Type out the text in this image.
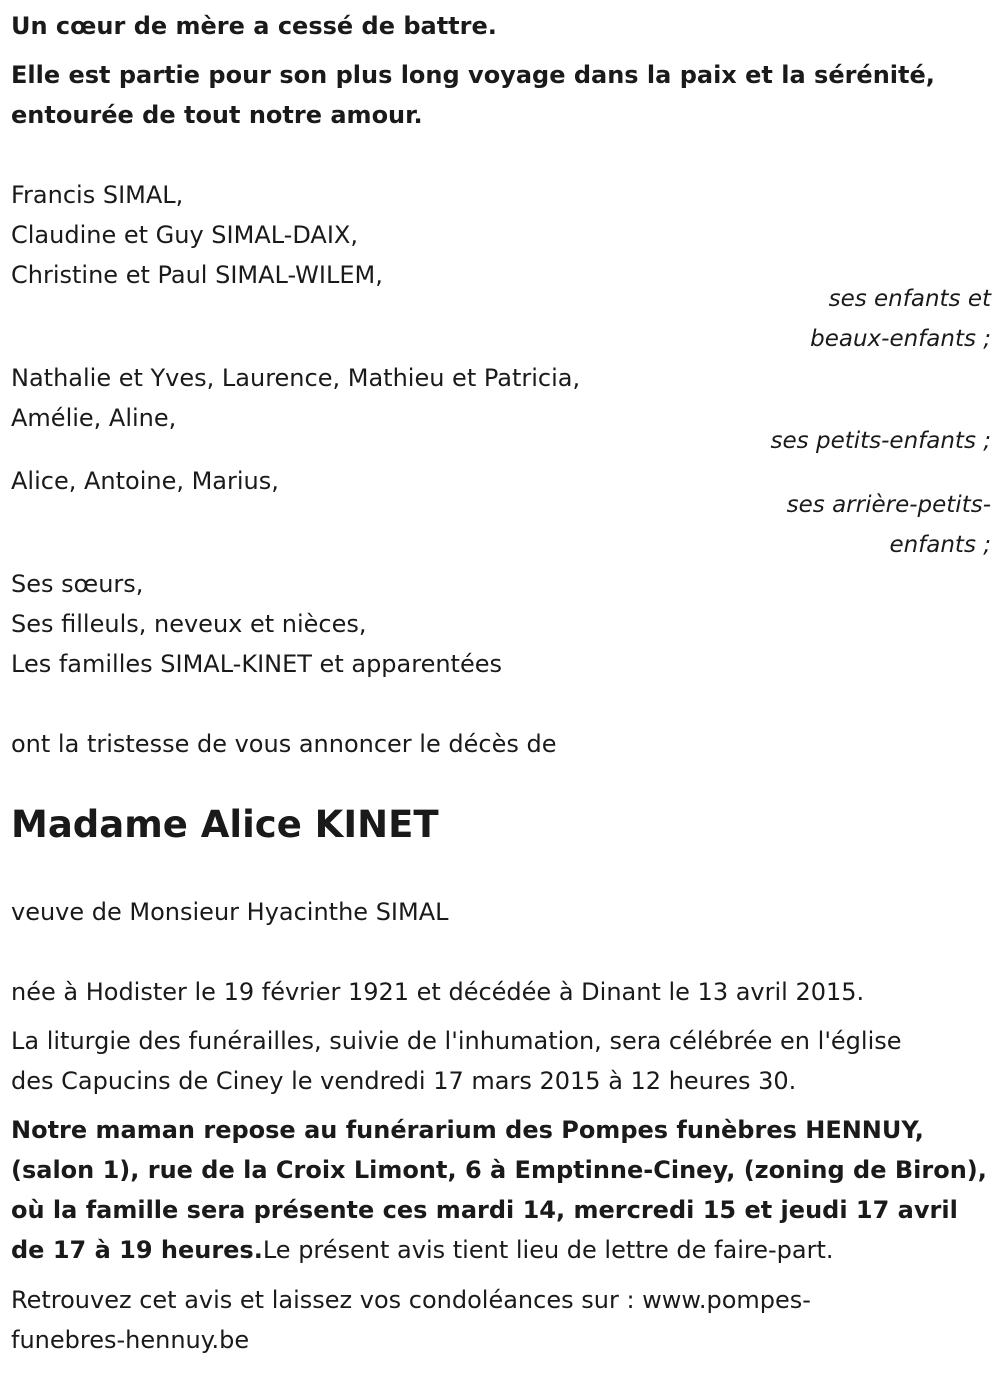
Un cœur de mère a cessé de battre.
Elle est partie pour son plus long voyage dans la paix et la sérénité,
entourée de tout notre amour.
Francis SIMAL,
Claudine et Guy SIMAL-DAIX,
Christine et Paul SIMAL-WILEM,
ses enfants et
beaux-enfants ;
Nathalie et Yves, Laurence, Mathieu et Patricia,
Amélie, Aline,
ses petits-enfants ;
Alice, Antoine, Marius,
ses arrière-petits-
enfants ;
Ses sœurs,
Ses filleuls, neveux et nièces,
Les familles SIMAL-KINET et apparentées
ont la tristesse de vous annoncer le décès de
Madame Alice KINET
veuve de Monsieur Hyacinthe SIMAL
née à Hodister le 19 février 1921 et décédée à Dinant le 13 avril 2015.
La liturgie des funérailles, suivie de l'inhumation, sera célébrée en l'église
des Capucins de Ciney le vendredi 17 mars 2015 à 12 heures 30.
Notre maman repose au funérarium des Pompes funèbres HENNUY,
(salon 1), rue de la Croix Limont, 6 à Emptinne-Ciney, (zoning de Biron),
où la famille sera présente ces mardi 14, mercredi 15 et jeudi 17 avril
de 17 à 19 heures.Le présent avis tient lieu de lettre de faire-part.
Retrouvez cet avis et laissez vos condoléances sur : www.pompes-
funebres-hennuy.be
